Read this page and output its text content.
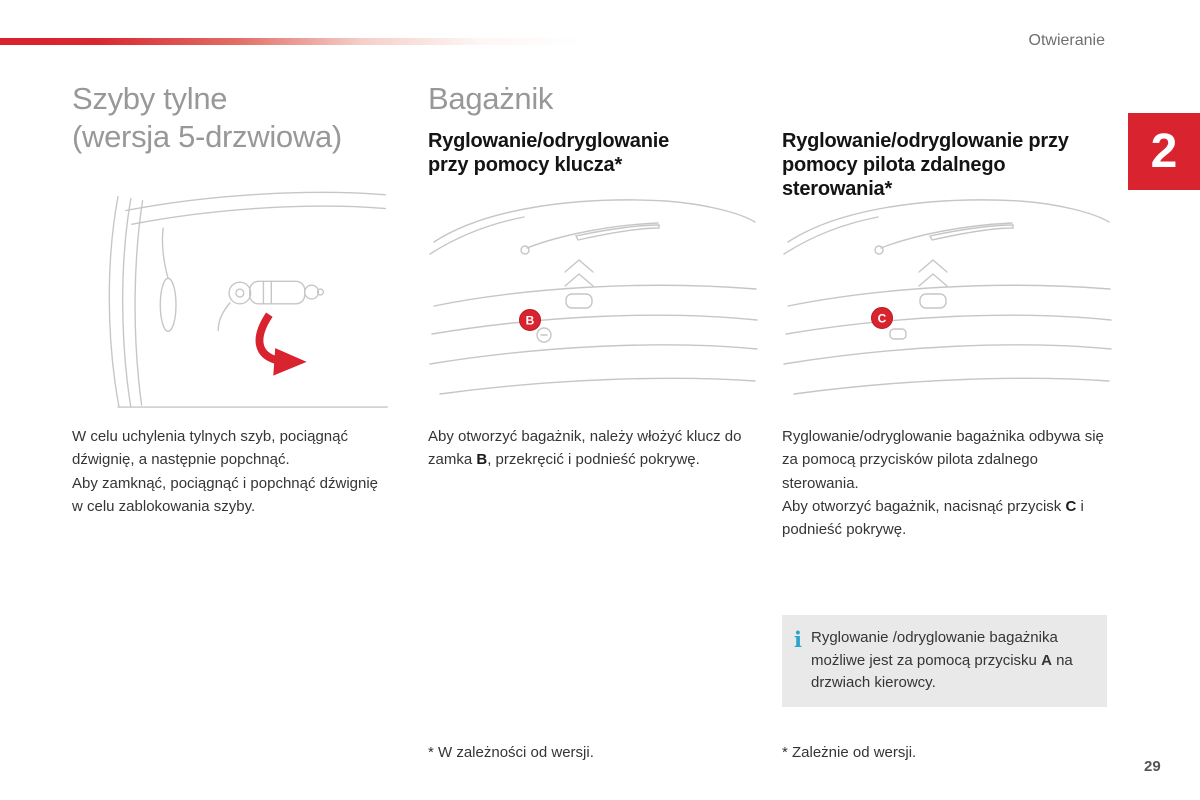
Otwieranie
2
Szyby tylne
(wersja 5-drzwiowa)

W celu uchylenia tylnych szyb, pociągnąć dźwignię, a następnie popchnąć.

Aby zamknąć, pociągnąć i popchnąć dźwignię w celu zablokowania szyby.

Bagażnik
Ryglowanie/odryglowanie
przy pomocy klucza*
B

Aby otworzyć bagażnik, należy włożyć klucz do zamka B, przekręcić i podnieść pokrywę.

* W zależności od wersji.
Ryglowanie/odryglowanie przy
pomocy pilota zdalnego sterowania*
C

Ryglowanie/odryglowanie bagażnika odbywa się za pomocą przycisków pilota zdalnego sterowania.

Aby otworzyć bagażnik, nacisnąć przycisk C i podnieść pokrywę.

i Ryglowanie /odryglowanie bagażnika możliwe jest za pomocą przycisku A na drzwiach kierowcy.
* Zależnie od wersji.
29
